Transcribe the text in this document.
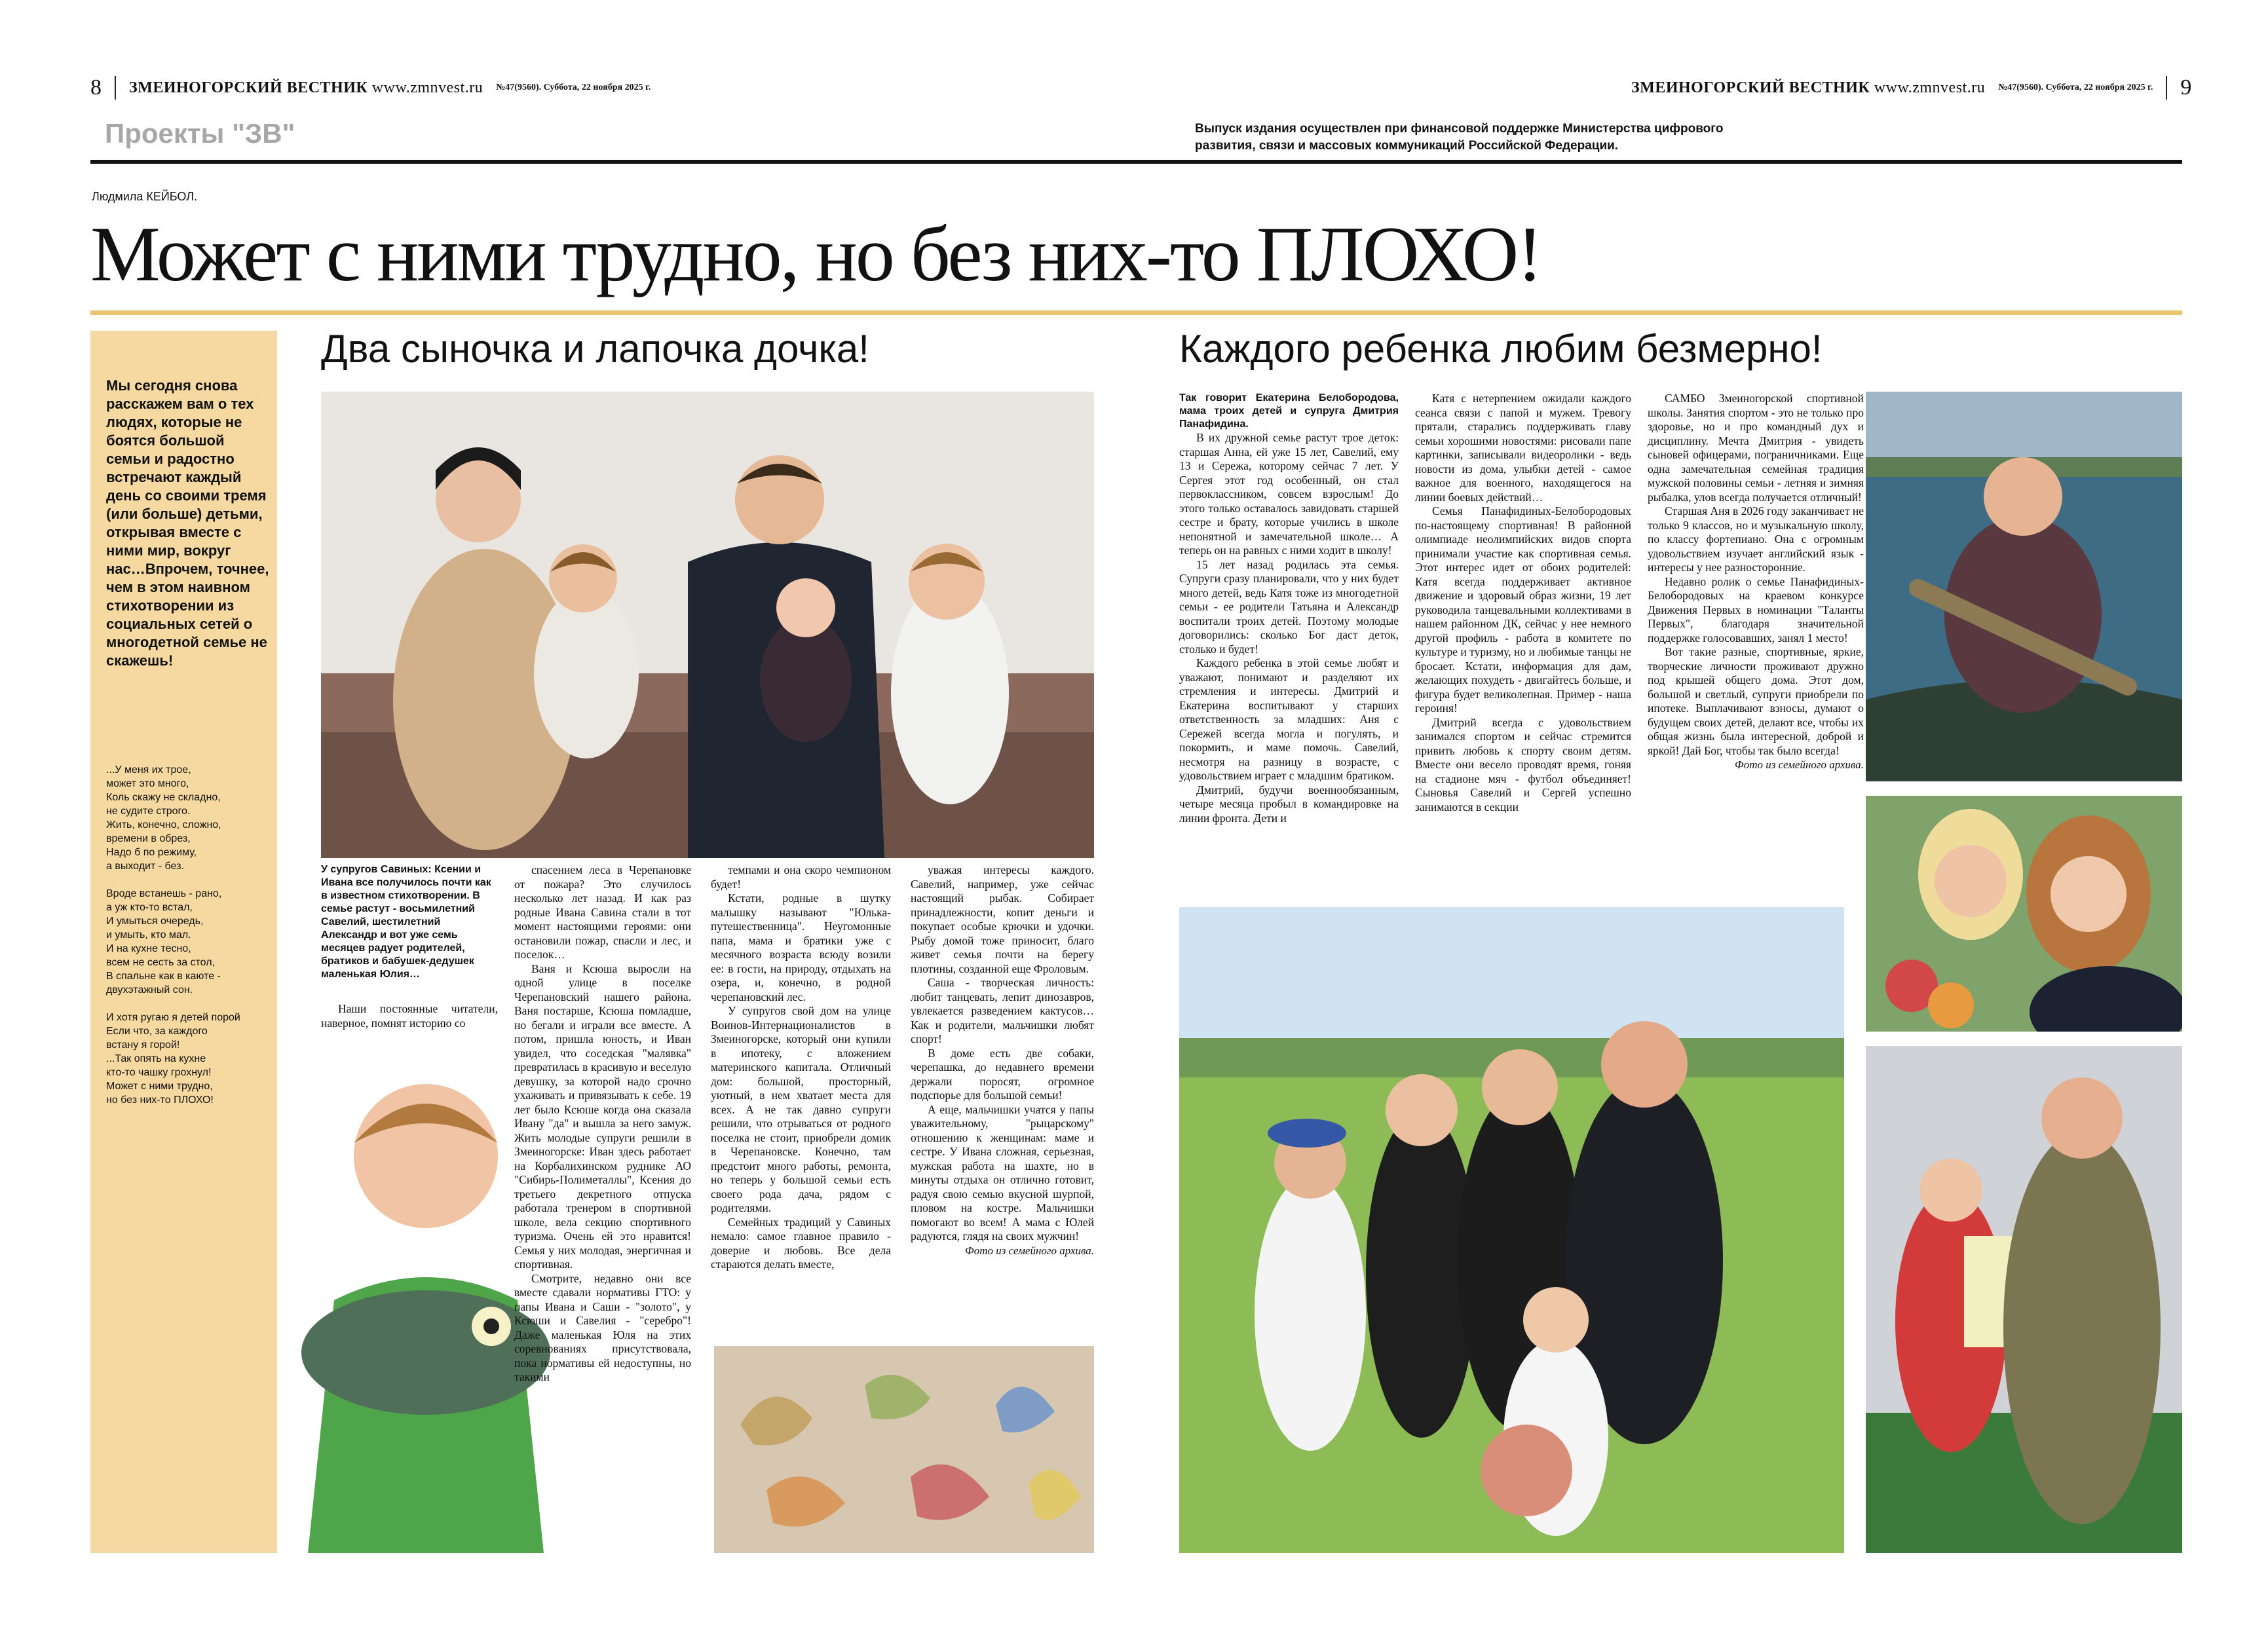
8 ЗМЕИНОГОРСКИЙ ВЕСТНИК www.zmnvest.ru №47(9560). Суббота, 22 ноября 2025 г.	ЗМЕИНОГОРСКИЙ ВЕСТНИК www.zmnvest.ru №47(9560). Суббота, 22 ноября 2025 г. 9
Проекты "ЗВ"	Выпуск издания осуществлен при финансовой поддержке Министерства цифрового развития, связи и массовых коммуникаций Российской Федерации.
Людмила КЕЙБОЛ.
Может с ними трудно, но без них-то ПЛОХО!
Мы сегодня снова расскажем вам о тех людях, которые не боятся большой семьи и радостно встречают каждый день со своими тремя (или больше) детьми, открывая вместе с ними мир, вокруг нас…Впрочем, точнее, чем в этом наивном стихотворении из социальных сетей о многодетной семье не скажешь!
...У меня их трое,
может это много,
Коль скажу не складно,
не судите строго.
Жить, конечно, сложно,
времени в обрез,
Надо б по режиму,
а выходит - без.

Вроде встанешь - рано,
а уж кто-то встал,
И умыться очередь,
и умыть, кто мал.
И на кухне тесно,
всем не сесть за стол,
В спальне как в каюте -
двухэтажный сон.

И хотя ругаю я детей порой
Если что, за каждого
встану я горой!
...Так опять на кухне
кто-то чашку грохнул!
Может с ними трудно,
но без них-то ПЛОХО!
Два сыночка и лапочка дочка!
У супругов Савиных: Ксении и Ивана все получилось почти как в известном стихотворении. В семье растут - восьмилетний Савелий, шестилетний Александр и вот уже семь месяцев радует родителей, братиков и бабушек-дедушек маленькая Юлия…

Наши постоянные читатели, наверное, помнят историю со

спасением леса в Черепановке от пожара? Это случилось несколько лет назад. И как раз родные Ивана Савина стали в тот момент настоящими героями: они остановили пожар, спасли и лес, и поселок…

Ваня и Ксюша выросли на одной улице в поселке Черепановский нашего района. Ваня постарше, Ксюша помладше, но бегали и играли все вместе. А потом, пришла юность, и Иван увидел, что соседская "малявка" превратилась в красивую и веселую девушку, за которой надо срочно ухаживать и привязывать к себе. 19 лет было Ксюше когда она сказала Ивану "да" и вышла за него замуж. Жить молодые супруги решили в Змеиногорске: Иван здесь работает на Корбалихинском руднике АО "Сибирь-Полиметаллы", Ксения до третьего декретного отпуска работала тренером в спортивной школе, вела секцию спортивного туризма. Очень ей это нравится! Семья у них молодая, энергичная и спортивная.

Смотрите, недавно они все вместе сдавали нормативы ГТО: у папы Ивана и Саши - "золото", у Ксюши и Савелия - "серебро"! Даже маленькая Юля на этих соревнованиях присутствовала, пока нормативы ей недоступны, но такими

темпами и она скоро чемпионом будет!

Кстати, родные в шутку малышку называют "Юлька-путешественница". Неугомонные папа, мама и братики уже с месячного возраста всюду возили ее: в гости, на природу, отдыхать на озера, и, конечно, в родной черепановский лес.

У супругов свой дом на улице Воинов-Интернационалистов в Змеиногорске, который они купили в ипотеку, с вложением материнского капитала. Отличный дом: большой, просторный, уютный, в нем хватает места для всех. А не так давно супруги решили, что отрываться от родного поселка не стоит, приобрели домик в Черепановске. Конечно, там предстоит много работы, ремонта, но теперь у большой семьи есть своего рода дача, рядом с родителями.

Семейных традиций у Савиных немало: самое главное правило - доверие и любовь. Все дела стараются делать вместе,

уважая интересы каждого. Савелий, например, уже сейчас настоящий рыбак. Собирает принадлежности, копит деньги и покупает особые крючки и удочки. Рыбу домой тоже приносит, благо живет семья почти на берегу плотины, созданной еще Фроловым.

Саша - творческая личность: любит танцевать, лепит динозавров, увлекается разведением кактусов… Как и родители, мальчишки любят спорт!

В доме есть две собаки, черепашка, до недавнего времени держали поросят, огромное подспорье для большой семьи!

А еще, мальчишки учатся у папы уважительному, "рыцарскому" отношению к женщинам: маме и сестре. У Ивана сложная, серьезная, мужская работа на шахте, но в минуты отдыха он отлично готовит, радуя свою семью вкусной шурпой, пловом на костре. Мальчишки помогают во всем! А мама с Юлей радуются, глядя на своих мужчин!

Фото из семейного архива.
Каждого ребенка любим безмерно!
Так говорит Екатерина Белобородова, мама троих детей и супруга Дмитрия Панафидина.

В их дружной семье растут трое деток: старшая Анна, ей уже 15 лет, Савелий, ему 13 и Сережа, которому сейчас 7 лет. У Сергея этот год особенный, он стал первоклассником, совсем взрослым! До этого только оставалось завидовать старшей сестре и брату, которые учились в школе непонятной и замечательной школе… А теперь он на равных с ними ходит в школу!

15 лет назад родилась эта семья. Супруги сразу планировали, что у них будет много детей, ведь Катя тоже из многодетной семьи - ее родители Татьяна и Александр воспитали троих детей. Поэтому молодые договорились: сколько Бог даст деток, столько и будет!

Каждого ребенка в этой семье любят и уважают, понимают и разделяют их стремления и интересы. Дмитрий и Екатерина воспитывают у старших ответственность за младших: Аня с Сережей всегда могла и погулять, и покормить, и маме помочь. Савелий, несмотря на разницу в возрасте, с удовольствием играет с младшим братиком.

Дмитрий, будучи военнообязанным, четыре месяца пробыл в командировке на линии фронта. Дети и

Катя с нетерпением ожидали каждого сеанса связи с папой и мужем. Тревогу прятали, старались поддерживать главу семьи хорошими новостями: рисовали папе картинки, записывали видеоролики - ведь новости из дома, улыбки детей - самое важное для военного, находящегося на линии боевых действий…

Семья Панафидиных-Белобородовых по-настоящему спортивная! В районной олимпиаде неолимпийских видов спорта принимали участие как спортивная семья. Этот интерес идет от обоих родителей: Катя всегда поддерживает активное движение и здоровый образ жизни, 19 лет руководила танцевальными коллективами в нашем районном ДК, сейчас у нее немного другой профиль - работа в комитете по культуре и туризму, но и любимые танцы не бросает. Кстати, информация для дам, желающих похудеть - двигайтесь больше, и фигура будет великолепная. Пример - наша героиня!

Дмитрий всегда с удовольствием занимался спортом и сейчас стремится привить любовь к спорту своим детям. Вместе они весело проводят время, гоняя на стадионе мяч - футбол объединяет! Сыновья Савелий и Сергей успешно занимаются в секции

САМБО Змеиногорской спортивной школы. Занятия спортом - это не только про здоровье, но и про командный дух и дисциплину. Мечта Дмитрия - увидеть сыновей офицерами, пограничниками. Еще одна замечательная семейная традиция мужской половины семьи - летняя и зимняя рыбалка, улов всегда получается отличный!

Старшая Аня в 2026 году заканчивает не только 9 классов, но и музыкальную школу, по классу фортепиано. Она с огромным удовольствием изучает английский язык - интересы у нее разносторонние.

Недавно ролик о семье Панафидиных-Белобородовых на краевом конкурсе Движения Первых в номинации "Таланты Первых", благодаря значительной поддержке голосовавших, занял 1 место!

Вот такие разные, спортивные, яркие, творческие личности проживают дружно под крышей общего дома. Этот дом, большой и светлый, супруги приобрели по ипотеке. Выплачивают взносы, думают о будущем своих детей, делают все, чтобы их общая жизнь была интересной, доброй и яркой! Дай Бог, чтобы так было всегда!

Фото из семейного архива.
